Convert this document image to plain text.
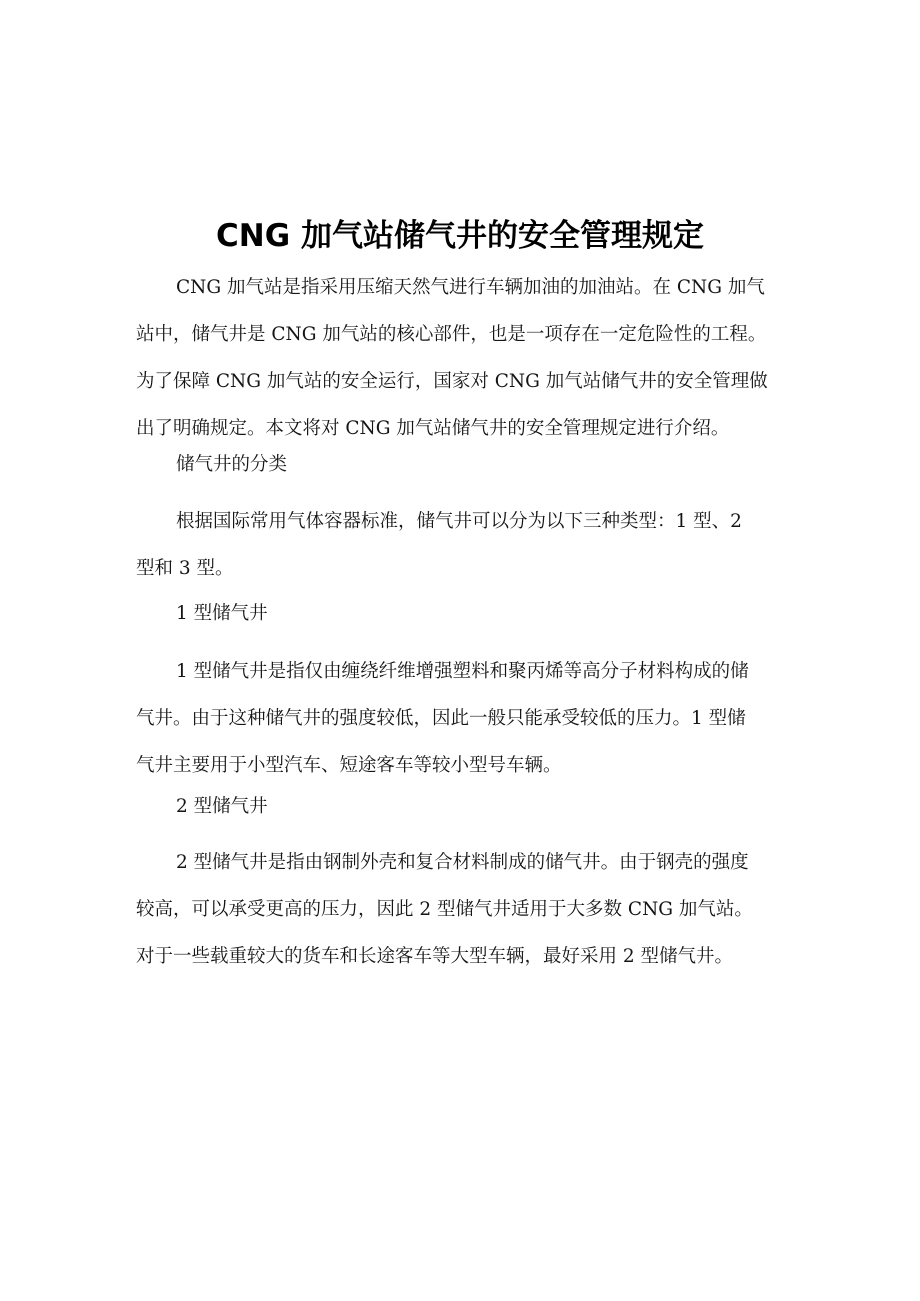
CNG 加气站储气井的安全管理规定

CNG 加气站是指采用压缩天然气进行车辆加油的加油站。在 CNG 加气
站中，储气井是 CNG 加气站的核心部件，也是一项存在一定危险性的工程。
为了保障 CNG 加气站的安全运行，国家对 CNG 加气站储气井的安全管理做
出了明确规定。本文将对 CNG 加气站储气井的安全管理规定进行介绍。

储气井的分类

根据国际常用气体容器标准，储气井可以分为以下三种类型：1 型、2
型和 3 型。

1 型储气井

1 型储气井是指仅由缠绕纤维增强塑料和聚丙烯等高分子材料构成的储
气井。由于这种储气井的强度较低，因此一般只能承受较低的压力。1 型储
气井主要用于小型汽车、短途客车等较小型号车辆。

2 型储气井

2 型储气井是指由钢制外壳和复合材料制成的储气井。由于钢壳的强度
较高，可以承受更高的压力，因此 2 型储气井适用于大多数 CNG 加气站。
对于一些载重较大的货车和长途客车等大型车辆，最好采用 2 型储气井。
